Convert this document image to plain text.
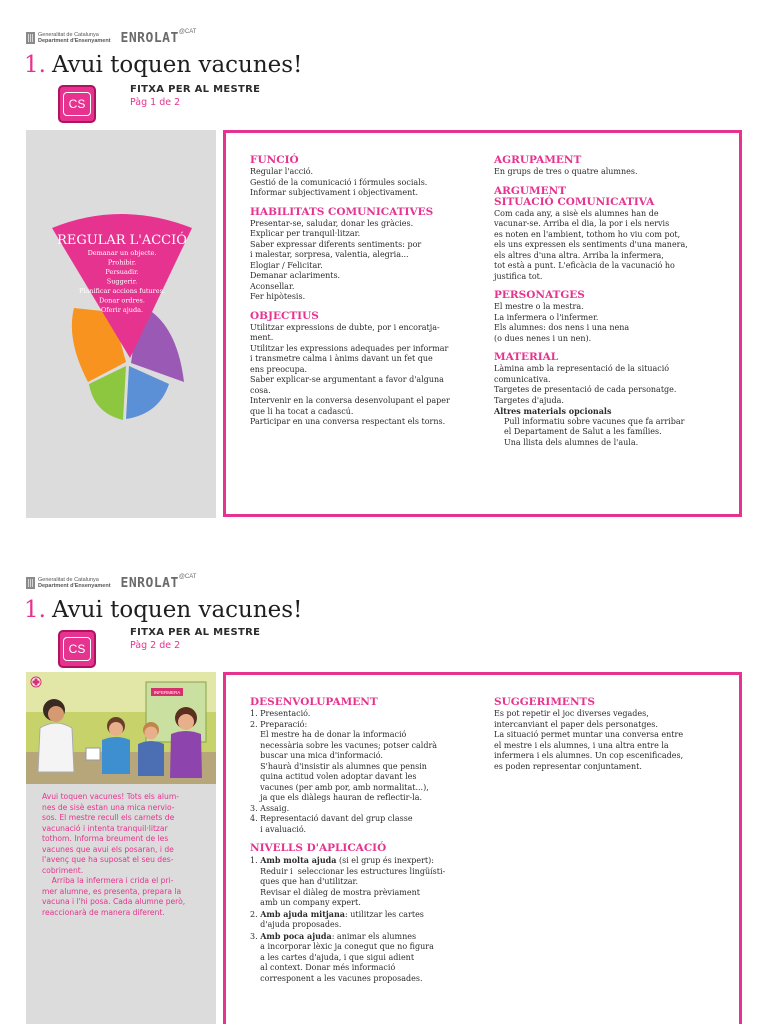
Generalitat de Catalunya
Department d'Ensenyament ENROLAT @CAT
1. Avui toquen vacunes!
CS
FITXA PER AL MESTRE
Pàg 1 de 2
REGULAR L'ACCIÓ
Demanar un objecte.
Prohibir.
Persuadir.
Suggerir.
Planificar accions futures.
Donar ordres.
Oferir ajuda.
FUNCIÓ
Regular l'acció.
Gestió de la comunicació i fórmules socials.
Informar subjectivament i objectivament.
HABILITATS COMUNICATIVES
Presentar-se, saludar, donar les gràcies.
Explicar per tranquil·litzar.
Saber expressar diferents sentiments: por
i malestar, sorpresa, valentia, alegria...
Elogiar / Felicitar.
Demanar aclariments.
Aconsellar.
Fer hipòtesis.
OBJECTIUS
Utilitzar expressions de dubte, por i encoratja-
ment.
Utilitzar les expressions adequades per informar
i transmetre calma i ànims davant un fet que
ens preocupa.
Saber explicar-se argumentant a favor d'alguna
cosa.
Intervenir en la conversa desenvolupant el paper
que li ha tocat a cadascú.
Participar en una conversa respectant els torns.
AGRUPAMENT
En grups de tres o quatre alumnes.
ARGUMENT
SITUACIÓ COMUNICATIVA
Com cada any, a sisè els alumnes han de
vacunar-se. Arriba el dia, la por i els nervis
es noten en l'ambient, tothom ho viu com pot,
els uns expressen els sentiments d'una manera,
els altres d'una altra. Arriba la infermera,
tot està a punt. L'eficàcia de la vacunació ho
justifica tot.
PERSONATGES
El mestre o la mestra.
La infermera o l'infermer.
Els alumnes: dos nens i una nena
(o dues nenes i un nen).
MATERIAL
Làmina amb la representació de la situació
comunicativa.
Targetes de presentació de cada personatge.
Targetes d'ajuda.
Altres materials opcionals
Pull informatiu sobre vacunes que fa arribar
el Departament de Salut a les famílies.
Una llista dels alumnes de l'aula.
Generalitat de Catalunya
Department d'Ensenyament ENROLAT @CAT
1. Avui toquen vacunes!
CS
FITXA PER AL MESTRE
Pàg 2 de 2
INFERMERA
Avui toquen vacunes! Tots els alum-
nes de sisè estan una mica nervio-
sos. El mestre recull els carnets de
vacunació i intenta tranquil·litzar
tothom. Informa breument de les
vacunes que avui els posaran, i de
l'avenç que ha suposat el seu des-
cobriment.
Arriba la infermera i crida el pri-
mer alumne, es presenta, prepara la
vacuna i l'hi posa. Cada alumne però,
reaccionarà de manera diferent.
DESENVOLUPAMENT
1. Presentació.
2. Preparació:
El mestre ha de donar la informació
necessària sobre les vacunes; potser caldrà
buscar una mica d'informació.
S'haurà d'insistir als alumnes que pensin
quina actitud volen adoptar davant les
vacunes (per amb por, amb normalitat...),
ja que els diàlegs hauran de reflectir-la.
3. Assaig.
4. Representació davant del grup classe
i avaluació.
NIVELLS D'APLICACIÓ
1. Amb molta ajuda (si el grup és inexpert):
Reduir i  seleccionar les estructures lingüísti-
ques que han d'utilitzar.
Revisar el diàleg de mostra prèviament
amb un company expert.
2. Amb ajuda mitjana: utilitzar les cartes
d'ajuda proposades.
3. Amb poca ajuda: animar els alumnes
a incorporar lèxic ja conegut que no figura
a les cartes d'ajuda, i que sigui adient
al context. Donar més informació
corresponent a les vacunes proposades.
SUGGERIMENTS
Es pot repetir el joc diverses vegades,
intercanviant el paper dels personatges.
La situació permet muntar una conversa entre
el mestre i els alumnes, i una altra entre la
infermera i els alumnes. Un cop escenificades,
es poden representar conjuntament.
